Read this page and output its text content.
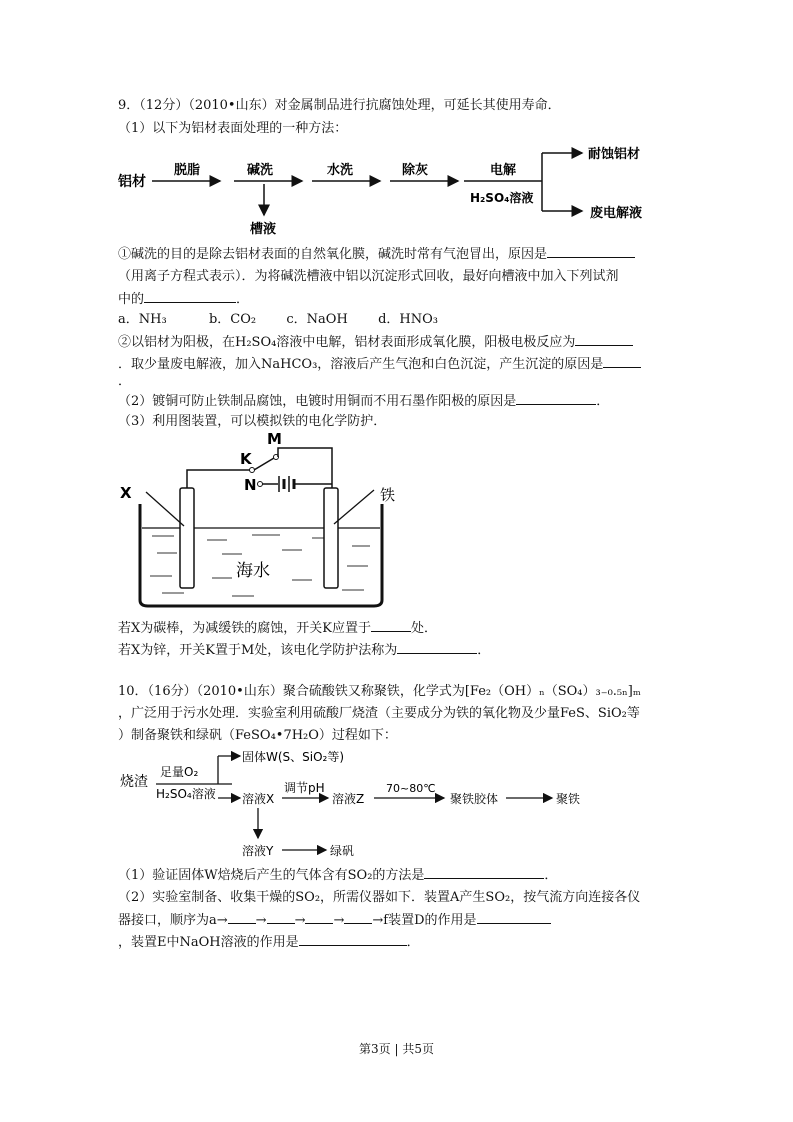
9．（12分）（2010•山东）对金属制品进行抗腐蚀处理，可延长其使用寿命．
（1）以下为铝材表面处理的一种方法：
铝材
脱脂	碱洗
槽液
水洗	除灰	电解
H₂SO₄溶液
耐蚀铝材
废电解液
①碱洗的目的是除去铝材表面的自然氧化膜，碱洗时常有气泡冒出，原因是
（用离子方程式表示）．为将碱洗槽液中铝以沉淀形式回收，最好向槽液中加入下列试剂
中的	．
a．NH₃	b．CO₂ c．NaOH d．HNO₃
②以铝材为阳极，在H₂SO₄溶液中电解，铝材表面形成氧化膜，阳极电极反应为
．取少量废电解液，加入NaHCO₃，溶液后产生气泡和白色沉淀，产生沉淀的原因是
．
（2）镀铜可防止铁制品腐蚀，电镀时用铜而不用石墨作阳极的原因是	．
（3）利用图装置，可以模拟铁的电化学防护．
M
K
N
X	铁
海水
若X为碳棒，为减缓铁的腐蚀，开关K应置于	处．
若X为锌，开关K置于M处，该电化学防护法称为	．
10．（16分）（2010•山东）聚合硫酸铁又称聚铁，化学式为[Fe₂（OH）ₙ（SO₄）₃₋₀.₅ₙ]ₘ
，广泛用于污水处理．实验室利用硫酸厂烧渣（主要成分为铁的氧化物及少量FeS、SiO₂等
）制备聚铁和绿矾（FeSO₄•7H₂O）过程如下：
烧渣
足量O₂
H₂SO₄溶液
固体W(S、SiO₂等)
溶液X
调节pH
溶液Z
70~80℃
聚铁胶体	聚铁
溶液Y	绿矾
（1）验证固体W焙烧后产生的气体含有SO₂的方法是	．
（2）实验室制备、收集干燥的SO₂，所需仪器如下．装置A产生SO₂，按气流方向连接各仪
器接口，顺序为a→ → → → →f装置D的作用是
，装置E中NaOH溶液的作用是	．
第3页 | 共5页
